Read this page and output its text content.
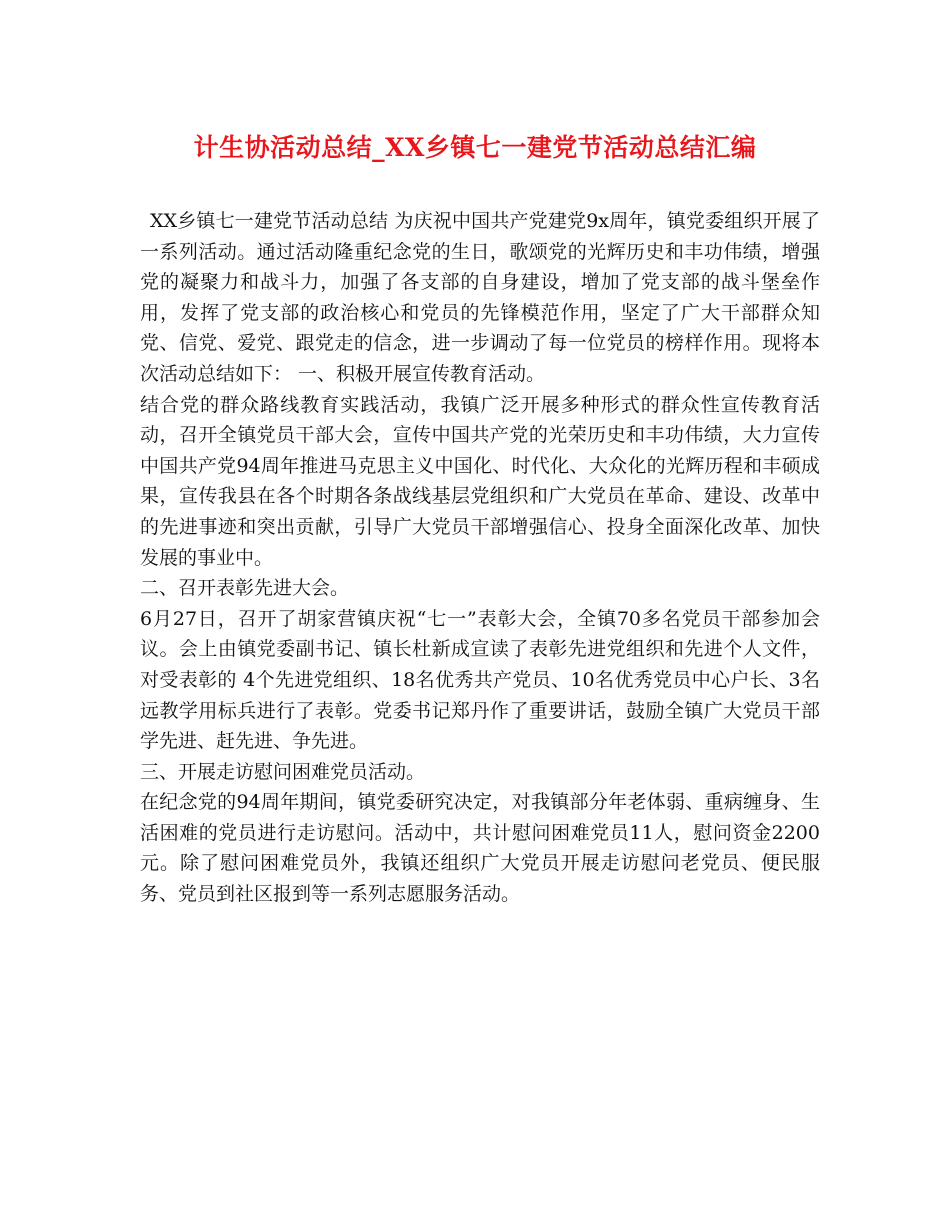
计生协活动总结_XX乡镇七一建党节活动总结汇编

XX乡镇七一建党节活动总结 为庆祝中国共产党建党9x周年，镇党委组织开展了一系列活动。通过活动隆重纪念党的生日，歌颂党的光辉历史和丰功伟绩，增强党的凝聚力和战斗力，加强了各支部的自身建设，增加了党支部的战斗堡垒作用，发挥了党支部的政治核心和党员的先锋模范作用，坚定了广大干部群众知党、信党、爱党、跟党走的信念，进一步调动了每一位党员的榜样作用。现将本次活动总结如下： 一、积极开展宣传教育活动。

结合党的群众路线教育实践活动，我镇广泛开展多种形式的群众性宣传教育活动，召开全镇党员干部大会，宣传中国共产党的光荣历史和丰功伟绩，大力宣传中国共产党94周年推进马克思主义中国化、时代化、大众化的光辉历程和丰硕成果，宣传我县在各个时期各条战线基层党组织和广大党员在革命、建设、改革中的先进事迹和突出贡献，引导广大党员干部增强信心、投身全面深化改革、加快发展的事业中。

二、召开表彰先进大会。

6月27日，召开了胡家营镇庆祝“七一”表彰大会，全镇70多名党员干部参加会议。会上由镇党委副书记、镇长杜新成宣读了表彰先进党组织和先进个人文件，对受表彰的 4个先进党组织、18名优秀共产党员、10名优秀党员中心户长、3名远教学用标兵进行了表彰。党委书记郑丹作了重要讲话，鼓励全镇广大党员干部学先进、赶先进、争先进。

三、开展走访慰问困难党员活动。

在纪念党的94周年期间，镇党委研究决定，对我镇部分年老体弱、重病缠身、生活困难的党员进行走访慰问。活动中，共计慰问困难党员11人，慰问资金2200元。除了慰问困难党员外，我镇还组织广大党员开展走访慰问老党员、便民服务、党员到社区报到等一系列志愿服务活动。
